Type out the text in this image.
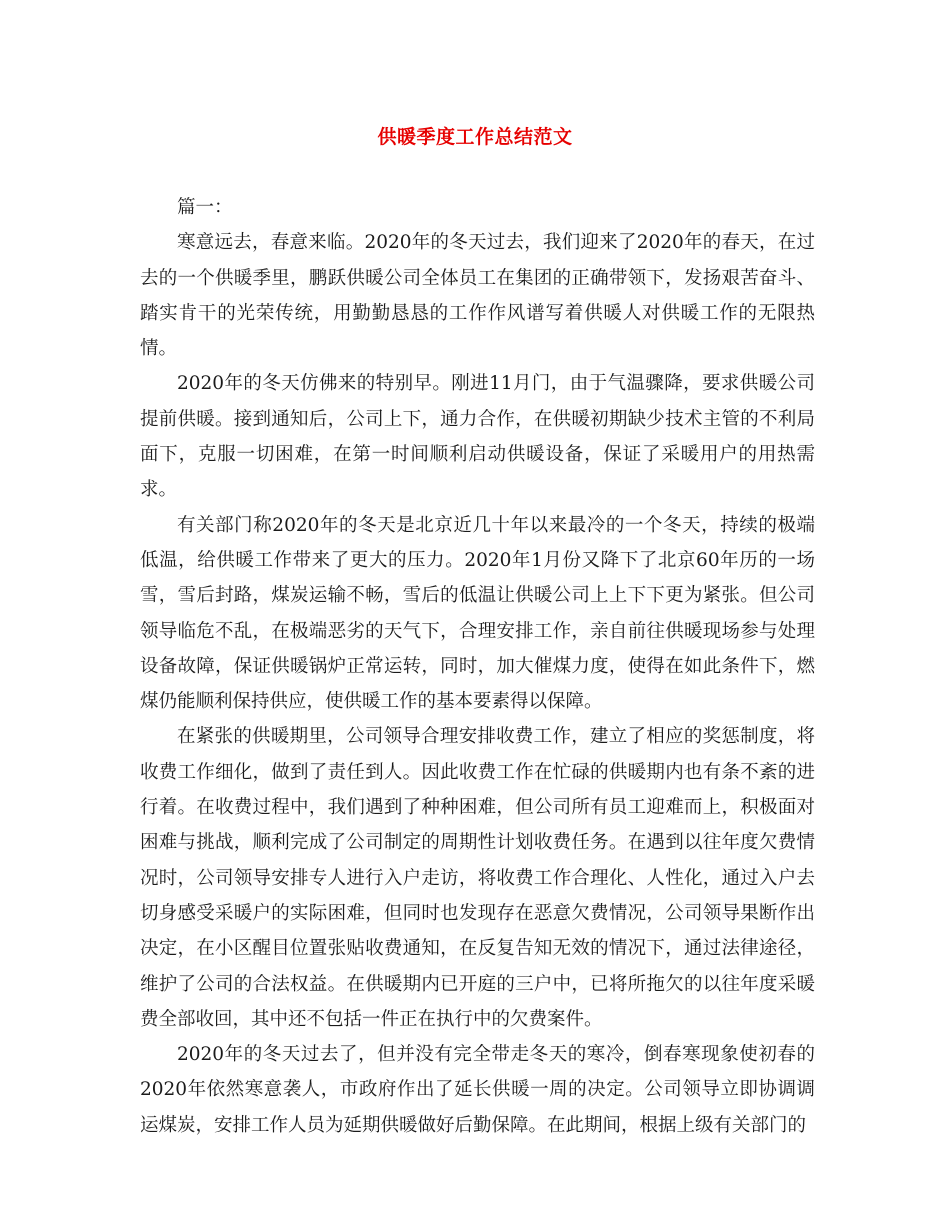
供暖季度工作总结范文

篇一：

寒意远去，春意来临。2020年的冬天过去，我们迎来了2020年的春天，在过去的一个供暖季里，鹏跃供暖公司全体员工在集团的正确带领下，发扬艰苦奋斗、踏实肯干的光荣传统，用勤勤恳恳的工作作风谱写着供暖人对供暖工作的无限热情。

2020年的冬天仿佛来的特别早。刚进11月门，由于气温骤降，要求供暖公司提前供暖。接到通知后，公司上下，通力合作，在供暖初期缺少技术主管的不利局面下，克服一切困难，在第一时间顺利启动供暖设备，保证了采暖用户的用热需求。

有关部门称2020年的冬天是北京近几十年以来最冷的一个冬天，持续的极端低温，给供暖工作带来了更大的压力。2020年1月份又降下了北京60年历的一场雪，雪后封路，煤炭运输不畅，雪后的低温让供暖公司上上下下更为紧张。但公司领导临危不乱，在极端恶劣的天气下，合理安排工作，亲自前往供暖现场参与处理设备故障，保证供暖锅炉正常运转，同时，加大催煤力度，使得在如此条件下，燃煤仍能顺利保持供应，使供暖工作的基本要素得以保障。

在紧张的供暖期里，公司领导合理安排收费工作，建立了相应的奖惩制度，将收费工作细化，做到了责任到人。因此收费工作在忙碌的供暖期内也有条不紊的进行着。在收费过程中，我们遇到了种种困难，但公司所有员工迎难而上，积极面对困难与挑战，顺利完成了公司制定的周期性计划收费任务。在遇到以往年度欠费情况时，公司领导安排专人进行入户走访，将收费工作合理化、人性化，通过入户去切身感受采暖户的实际困难，但同时也发现存在恶意欠费情况，公司领导果断作出决定，在小区醒目位置张贴收费通知，在反复告知无效的情况下，通过法律途径，维护了公司的合法权益。在供暖期内已开庭的三户中，已将所拖欠的以往年度采暖费全部收回，其中还不包括一件正在执行中的欠费案件。

2020年的冬天过去了，但并没有完全带走冬天的寒冷，倒春寒现象使初春的2020年依然寒意袭人，市政府作出了延长供暖一周的决定。公司领导立即协调调运煤炭，安排工作人员为延期供暖做好后勤保障。在此期间，根据上级有关部门的
